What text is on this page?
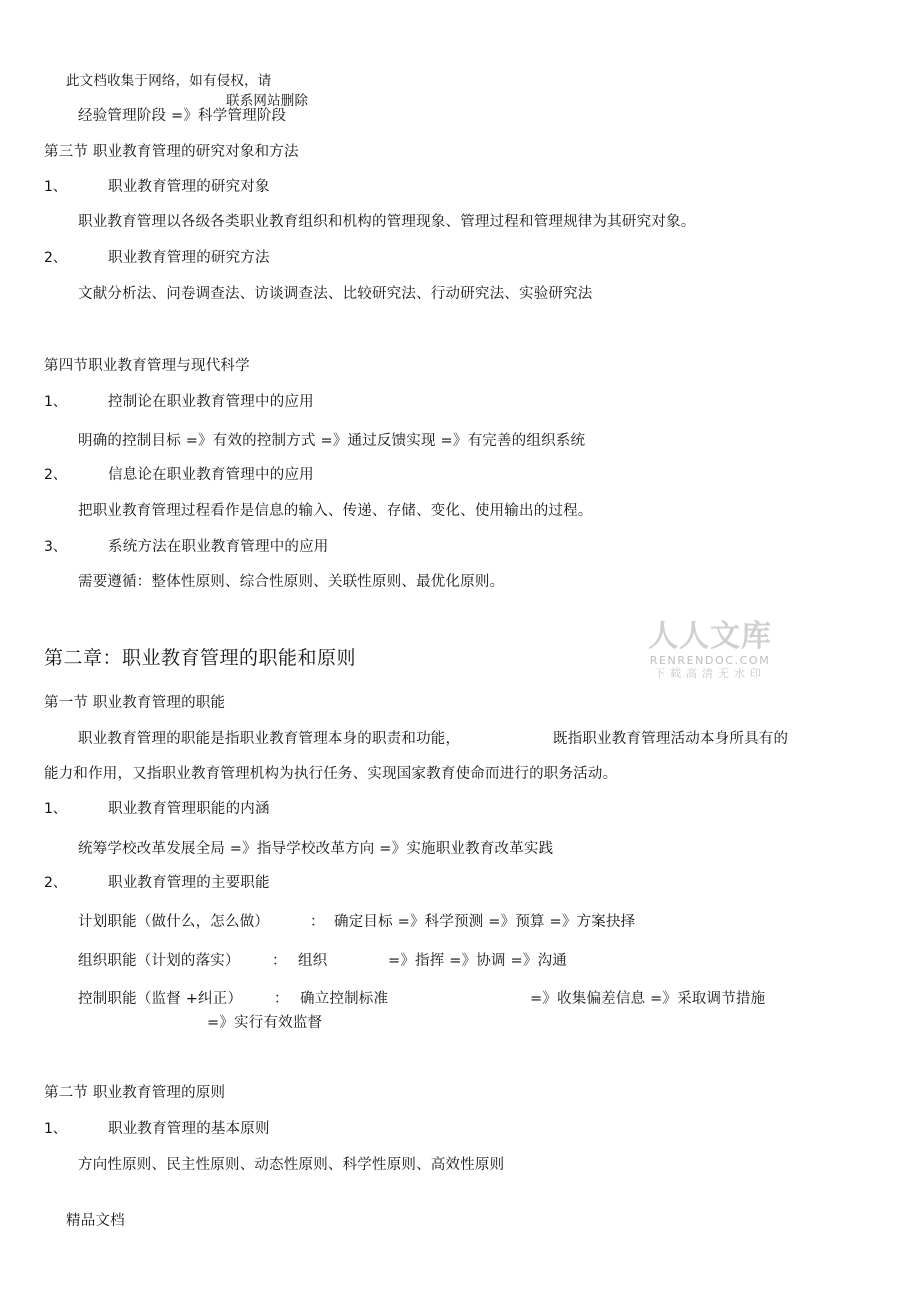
此文档收集于网络，如有侵权，请
联系网站删除
经验管理阶段 =》科学管理阶段
第三节 职业教育管理的研究对象和方法
1、	职业教育管理的研究对象
职业教育管理以各级各类职业教育组织和机构的管理现象、管理过程和管理规律为其研究对象。
2、	职业教育管理的研究方法
文献分析法、问卷调查法、访谈调查法、比较研究法、行动研究法、实验研究法
第四节职业教育管理与现代科学
1、	控制论在职业教育管理中的应用
明确的控制目标 =》有效的控制方式 =》通过反馈实现 =》有完善的组织系统
2、	信息论在职业教育管理中的应用
把职业教育管理过程看作是信息的输入、传递、存储、变化、使用输出的过程。
3、	系统方法在职业教育管理中的应用
需要遵循：整体性原则、综合性原则、关联性原则、最优化原则。
人人文库
RENRENDOC.COM
下载高清无水印
第二章：职业教育管理的职能和原则
第一节 职业教育管理的职能
职业教育管理的职能是指职业教育管理本身的职责和功能，	既指职业教育管理活动本身所具有的
能力和作用，又指职业教育管理机构为执行任务、实现国家教育使命而进行的职务活动。
1、	职业教育管理职能的内涵
统筹学校改革发展全局 =》指导学校改革方向 =》实施职业教育改革实践
2、	职业教育管理的主要职能
计划职能（做什么，怎么做）	： 确定目标 =》科学预测 =》预算 =》方案抉择
组织职能（计划的落实） ： 组织	=》指挥 =》协调 =》沟通
控制职能（监督 +纠正） ： 确立控制标准	=》收集偏差信息 =》采取调节措施
=》实行有效监督
第二节 职业教育管理的原则
1、	职业教育管理的基本原则
方向性原则、民主性原则、动态性原则、科学性原则、高效性原则
精品文档
